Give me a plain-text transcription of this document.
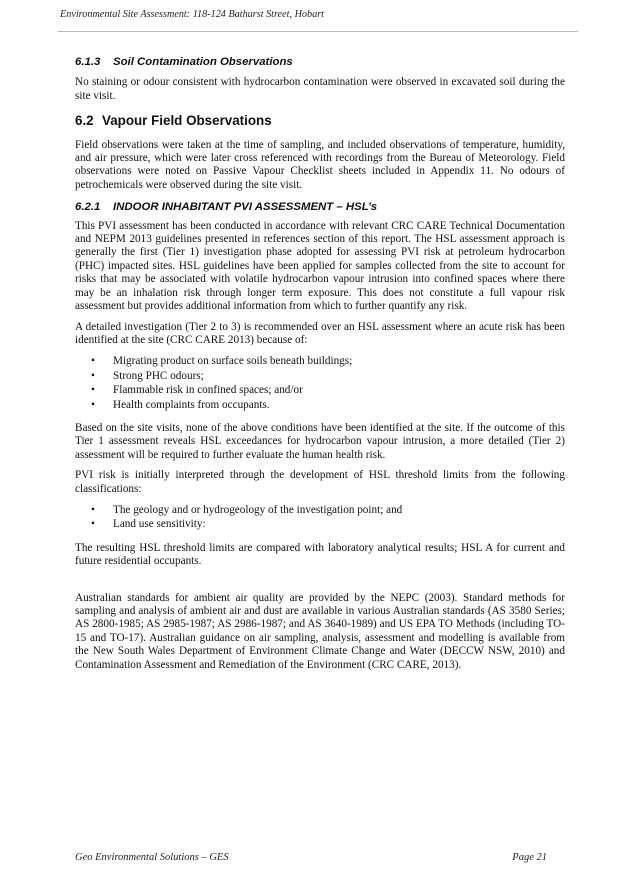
Environmental Site Assessment: 118-124 Bathurst Street, Hobart
6.1.3 Soil Contamination Observations

No staining or odour consistent with hydrocarbon contamination were observed in excavated soil during the site visit.

6.2 Vapour Field Observations

Field observations were taken at the time of sampling, and included observations of temperature, humidity, and air pressure, which were later cross referenced with recordings from the Bureau of Meteorology. Field observations were noted on Passive Vapour Checklist sheets included in Appendix 11. No odours of petrochemicals were observed during the site visit.

6.2.1 INDOOR INHABITANT PVI ASSESSMENT – HSL’s

This PVI assessment has been conducted in accordance with relevant CRC CARE Technical Documentation and NEPM 2013 guidelines presented in references section of this report. The HSL assessment approach is generally the first (Tier 1) investigation phase adopted for assessing PVI risk at petroleum hydrocarbon (PHC) impacted sites. HSL guidelines have been applied for samples collected from the site to account for risks that may be associated with volatile hydrocarbon vapour intrusion into confined spaces where there may be an inhalation risk through longer term exposure. This does not constitute a full vapour risk assessment but provides additional information from which to further quantify any risk.

A detailed investigation (Tier 2 to 3) is recommended over an HSL assessment where an acute risk has been identified at the site (CRC CARE 2013) because of:

• Migrating product on surface soils beneath buildings;
• Strong PHC odours;
• Flammable risk in confined spaces; and/or
• Health complaints from occupants.

Based on the site visits, none of the above conditions have been identified at the site. If the outcome of this Tier 1 assessment reveals HSL exceedances for hydrocarbon vapour intrusion, a more detailed (Tier 2) assessment will be required to further evaluate the human health risk.

PVI risk is initially interpreted through the development of HSL threshold limits from the following classifications:

• The geology and or hydrogeology of the investigation point; and
• Land use sensitivity:

The resulting HSL threshold limits are compared with laboratory analytical results; HSL A for current and future residential occupants.

Australian standards for ambient air quality are provided by the NEPC (2003). Standard methods for sampling and analysis of ambient air and dust are available in various Australian standards (AS 3580 Series; AS 2800-1985; AS 2985-1987; AS 2986-1987; and AS 3640-1989) and US EPA TO Methods (including TO-15 and TO-17). Australian guidance on air sampling, analysis, assessment and modelling is available from the New South Wales Department of Environment Climate Change and Water (DECCW NSW, 2010) and Contamination Assessment and Remediation of the Environment (CRC CARE, 2013).

Geo Environmental Solutions – GES	Page 21
